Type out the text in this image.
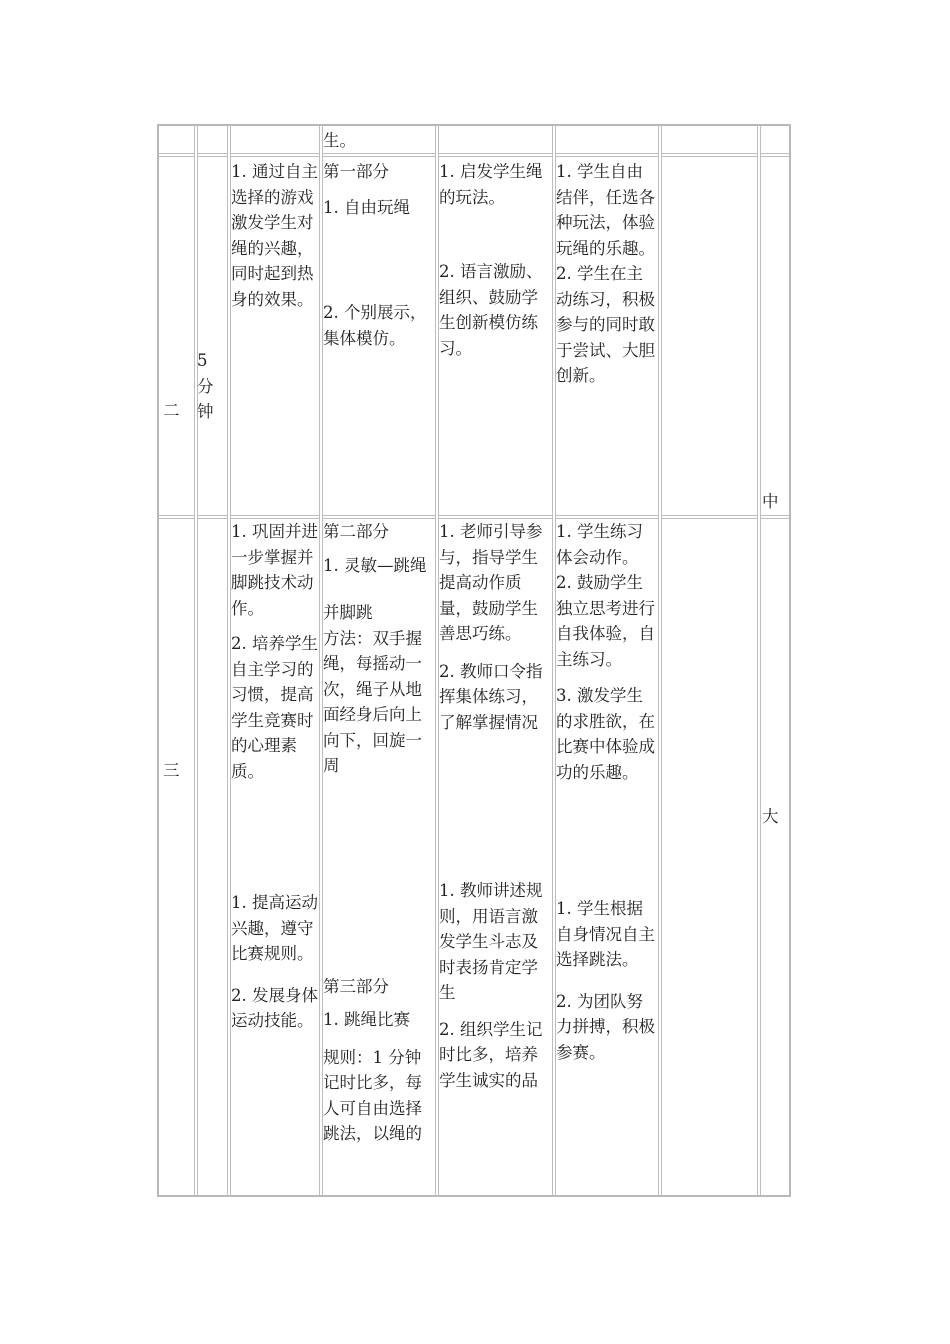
生。
二
5 分钟

1. 通过自主选择的游戏激发学生对绳的兴趣，同时起到热身的效果。

第一部分

1. 自由玩绳

2. 个别展示，集体模仿。

1. 启发学生绳的玩法。

2. 语言激励、组织、鼓励学生创新模仿练习。

1. 学生自由结伴，任选各种玩法，体验玩绳的乐趣。

2. 学生在主动练习，积极参与的同时敢于尝试、大胆创新。

中
三

1. 巩固并进一步掌握并脚跳技术动作。

2. 培养学生自主学习的习惯，提高学生竞赛时的心理素质。

1. 提高运动兴趣，遵守比赛规则。

2. 发展身体运动技能。

第二部分

1. 灵敏—跳绳

并脚跳

方法：双手握绳，每摇动一次，绳子从地面经身后向上向下，回旋一周

第三部分

1. 跳绳比赛

规则：1 分钟记时比多，每人可自由选择跳法，以绳的

1. 老师引导参与，指导学生提高动作质量，鼓励学生善思巧练。

2. 教师口令指挥集体练习，了解掌握情况

1. 教师讲述规则，用语言激发学生斗志及时表扬肯定学生

2. 组织学生记时比多，培养学生诚实的品

1. 学生练习体会动作。

2. 鼓励学生独立思考进行自我体验，自主练习。

3. 激发学生的求胜欲，在比赛中体验成功的乐趣。

1. 学生根据自身情况自主选择跳法。

2. 为团队努力拼搏，积极参赛。

大
